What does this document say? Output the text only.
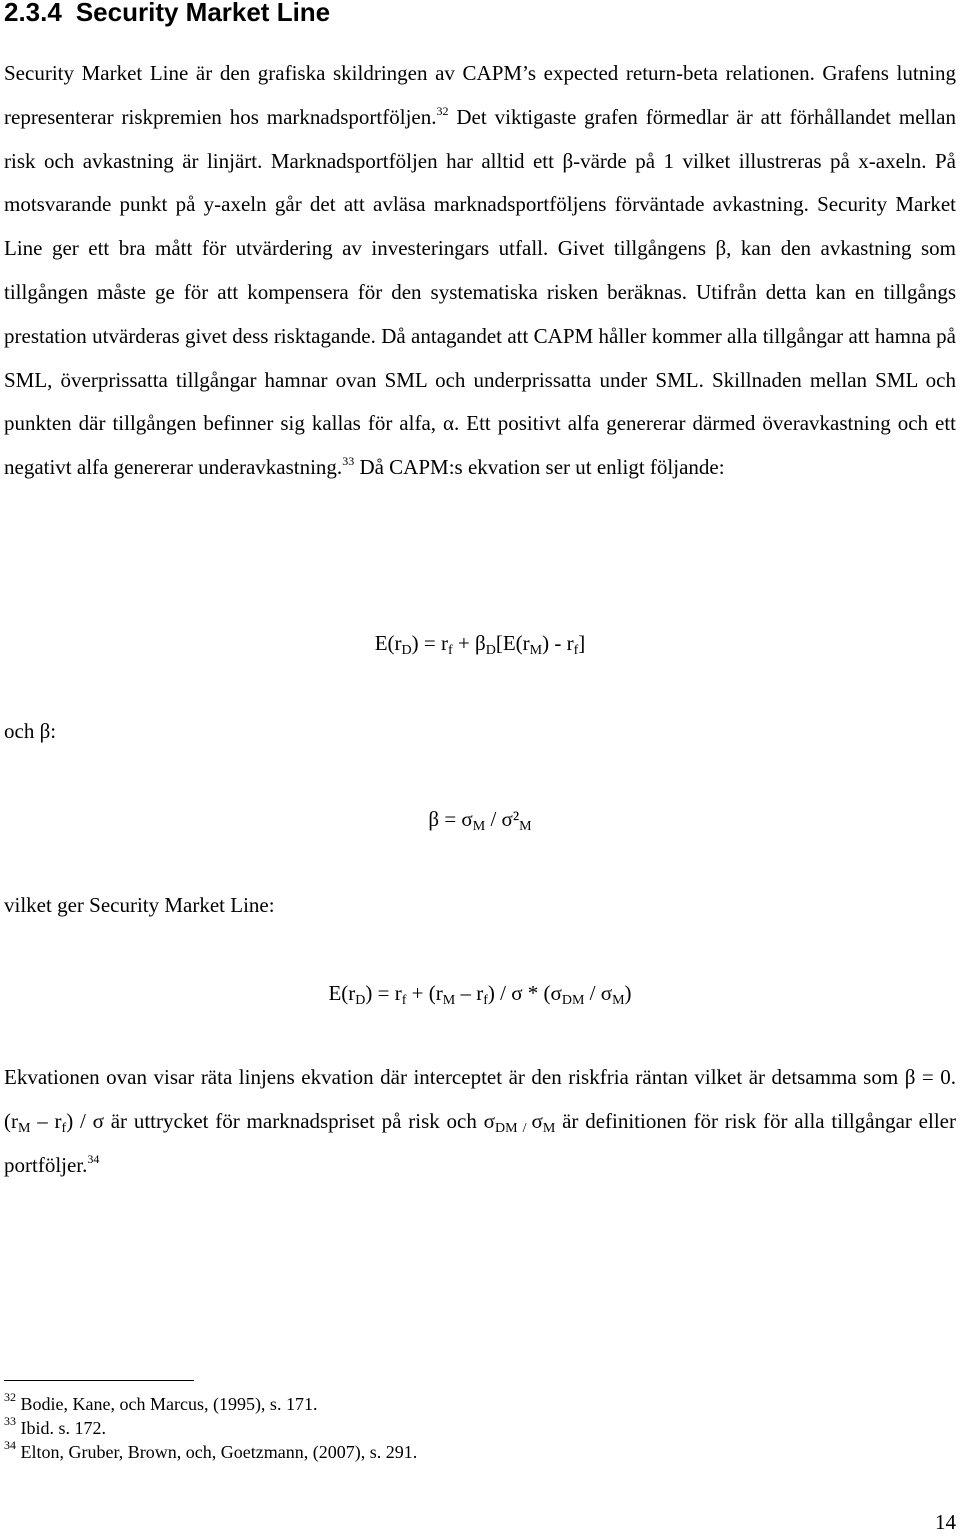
2.3.4 Security Market Line

Security Market Line är den grafiska skildringen av CAPM’s expected return-beta relationen. Grafens lutning representerar riskpremien hos marknadsportföljen.$^{32}$ Det viktigaste grafen förmedlar är att förhållandet mellan risk och avkastning är linjärt. Marknadsportföljen har alltid ett β-värde på 1 vilket illustreras på x-axeln. På motsvarande punkt på y-axeln går det att avläsa marknadsportföljens förväntade avkastning. Security Market Line ger ett bra mått för utvärdering av investeringars utfall. Givet tillgångens β, kan den avkastning som tillgången måste ge för att kompensera för den systematiska risken beräknas. Utifrån detta kan en tillgångs prestation utvärderas givet dess risktagande. Då antagandet att CAPM håller kommer alla tillgångar att hamna på SML, överprissatta tillgångar hamnar ovan SML och underprissatta under SML. Skillnaden mellan SML och punkten där tillgången befinner sig kallas för alfa, α. Ett positivt alfa genererar därmed överavkastning och ett negativt alfa genererar underavkastning.$^{33}$ Då CAPM:s ekvation ser ut enligt följande:

$E(r_D) = r_f + \beta_D[E(r_M) - r_f]$

och β:

$\beta = \sigma_M / \sigma^2_M$

vilket ger Security Market Line:

$E(r_D) = r_f + (r_M - r_f) / \sigma * (\sigma_{DM} / \sigma_M)$

Ekvationen ovan visar räta linjens ekvation där interceptet är den riskfria räntan vilket är detsamma som β = 0. $(r_M - r_f)$ / σ är uttrycket för marknadspriset på risk och $\sigma_{DM /}$ $\sigma_M$ är definitionen för risk för alla tillgångar eller portföljer.$^{34}$

$^{32}$ Bodie, Kane, och Marcus, (1995), s. 171.

$^{33}$ Ibid. s. 172.

$^{34}$ Elton, Gruber, Brown, och, Goetzmann, (2007), s. 291.

14
